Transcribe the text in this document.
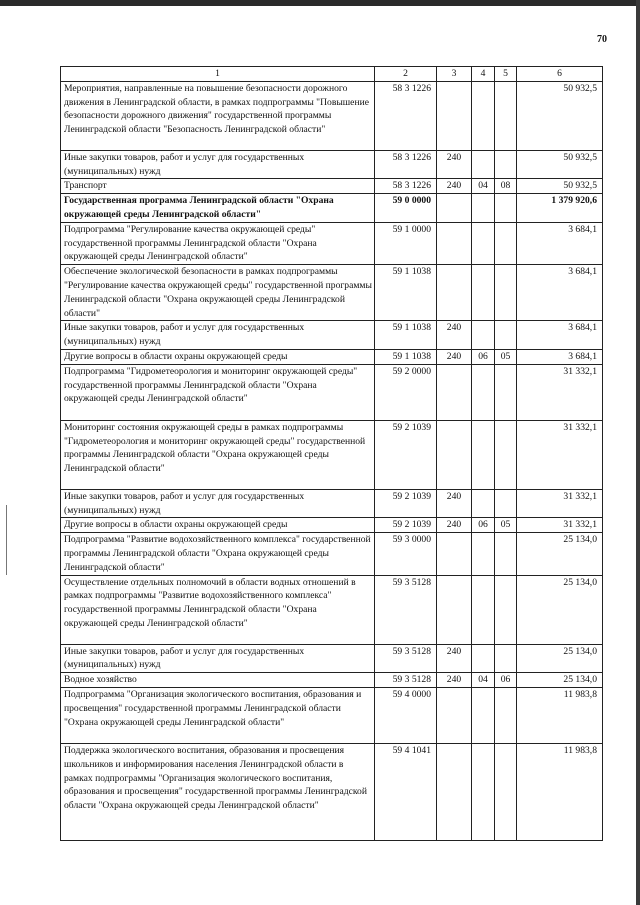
70
1	2	3	4	5	6
Мероприятия, направленные на повышение безопасности дорожного движения в Ленинградской области, в рамках подпрограммы "Повышение безопасности дорожного движения" государственной программы Ленинградской области "Безопасность Ленинградской области"	58 3 1226				50 932,5
Иные закупки товаров, работ и услуг для государственных (муниципальных) нужд	58 3 1226	240			50 932,5
Транспорт	58 3 1226	240	04	08	50 932,5
Государственная программа Ленинградской области "Охрана окружающей среды Ленинградской области"	59 0 0000				1 379 920,6
Подпрограмма "Регулирование качества окружающей среды" государственной программы Ленинградской области "Охрана окружающей среды Ленинградской области"	59 1 0000				3 684,1
Обеспечение экологической безопасности в рамках подпрограммы "Регулирование качества окружающей среды" государственной программы Ленинградской области "Охрана окружающей среды Ленинградской области"	59 1 1038				3 684,1
Иные закупки товаров, работ и услуг для государственных (муниципальных) нужд	59 1 1038	240			3 684,1
Другие вопросы в области охраны окружающей среды	59 1 1038	240	06	05	3 684,1
Подпрограмма "Гидрометеорология и мониторинг окружающей среды" государственной программы Ленинградской области "Охрана окружающей среды Ленинградской области"	59 2 0000				31 332,1
Мониторинг состояния окружающей среды в рамках подпрограммы "Гидрометеорология и мониторинг окружающей среды" государственной программы Ленинградской области "Охрана окружающей среды Ленинградской области"	59 2 1039				31 332,1
Иные закупки товаров, работ и услуг для государственных (муниципальных) нужд	59 2 1039	240			31 332,1
Другие вопросы в области охраны окружающей среды	59 2 1039	240	06	05	31 332,1
Подпрограмма "Развитие водохозяйственного комплекса" государственной программы Ленинградской области "Охрана окружающей среды Ленинградской области"	59 3 0000				25 134,0
Осуществление отдельных полномочий в области водных отношений в рамках подпрограммы "Развитие водохозяйственного комплекса" государственной программы Ленинградской области "Охрана окружающей среды Ленинградской области"	59 3 5128				25 134,0
Иные закупки товаров, работ и услуг для государственных (муниципальных) нужд	59 3 5128	240			25 134,0
Водное хозяйство	59 3 5128	240	04	06	25 134,0
Подпрограмма "Организация экологического воспитания, образования и просвещения" государственной программы Ленинградской области "Охрана окружающей среды Ленинградской области"	59 4 0000				11 983,8
Поддержка экологического воспитания, образования и просвещения школьников и информирования населения Ленинградской области в рамках подпрограммы "Организация экологического воспитания, образования и просвещения" государственной программы Ленинградской области "Охрана окружающей среды Ленинградской области"	59 4 1041				11 983,8
